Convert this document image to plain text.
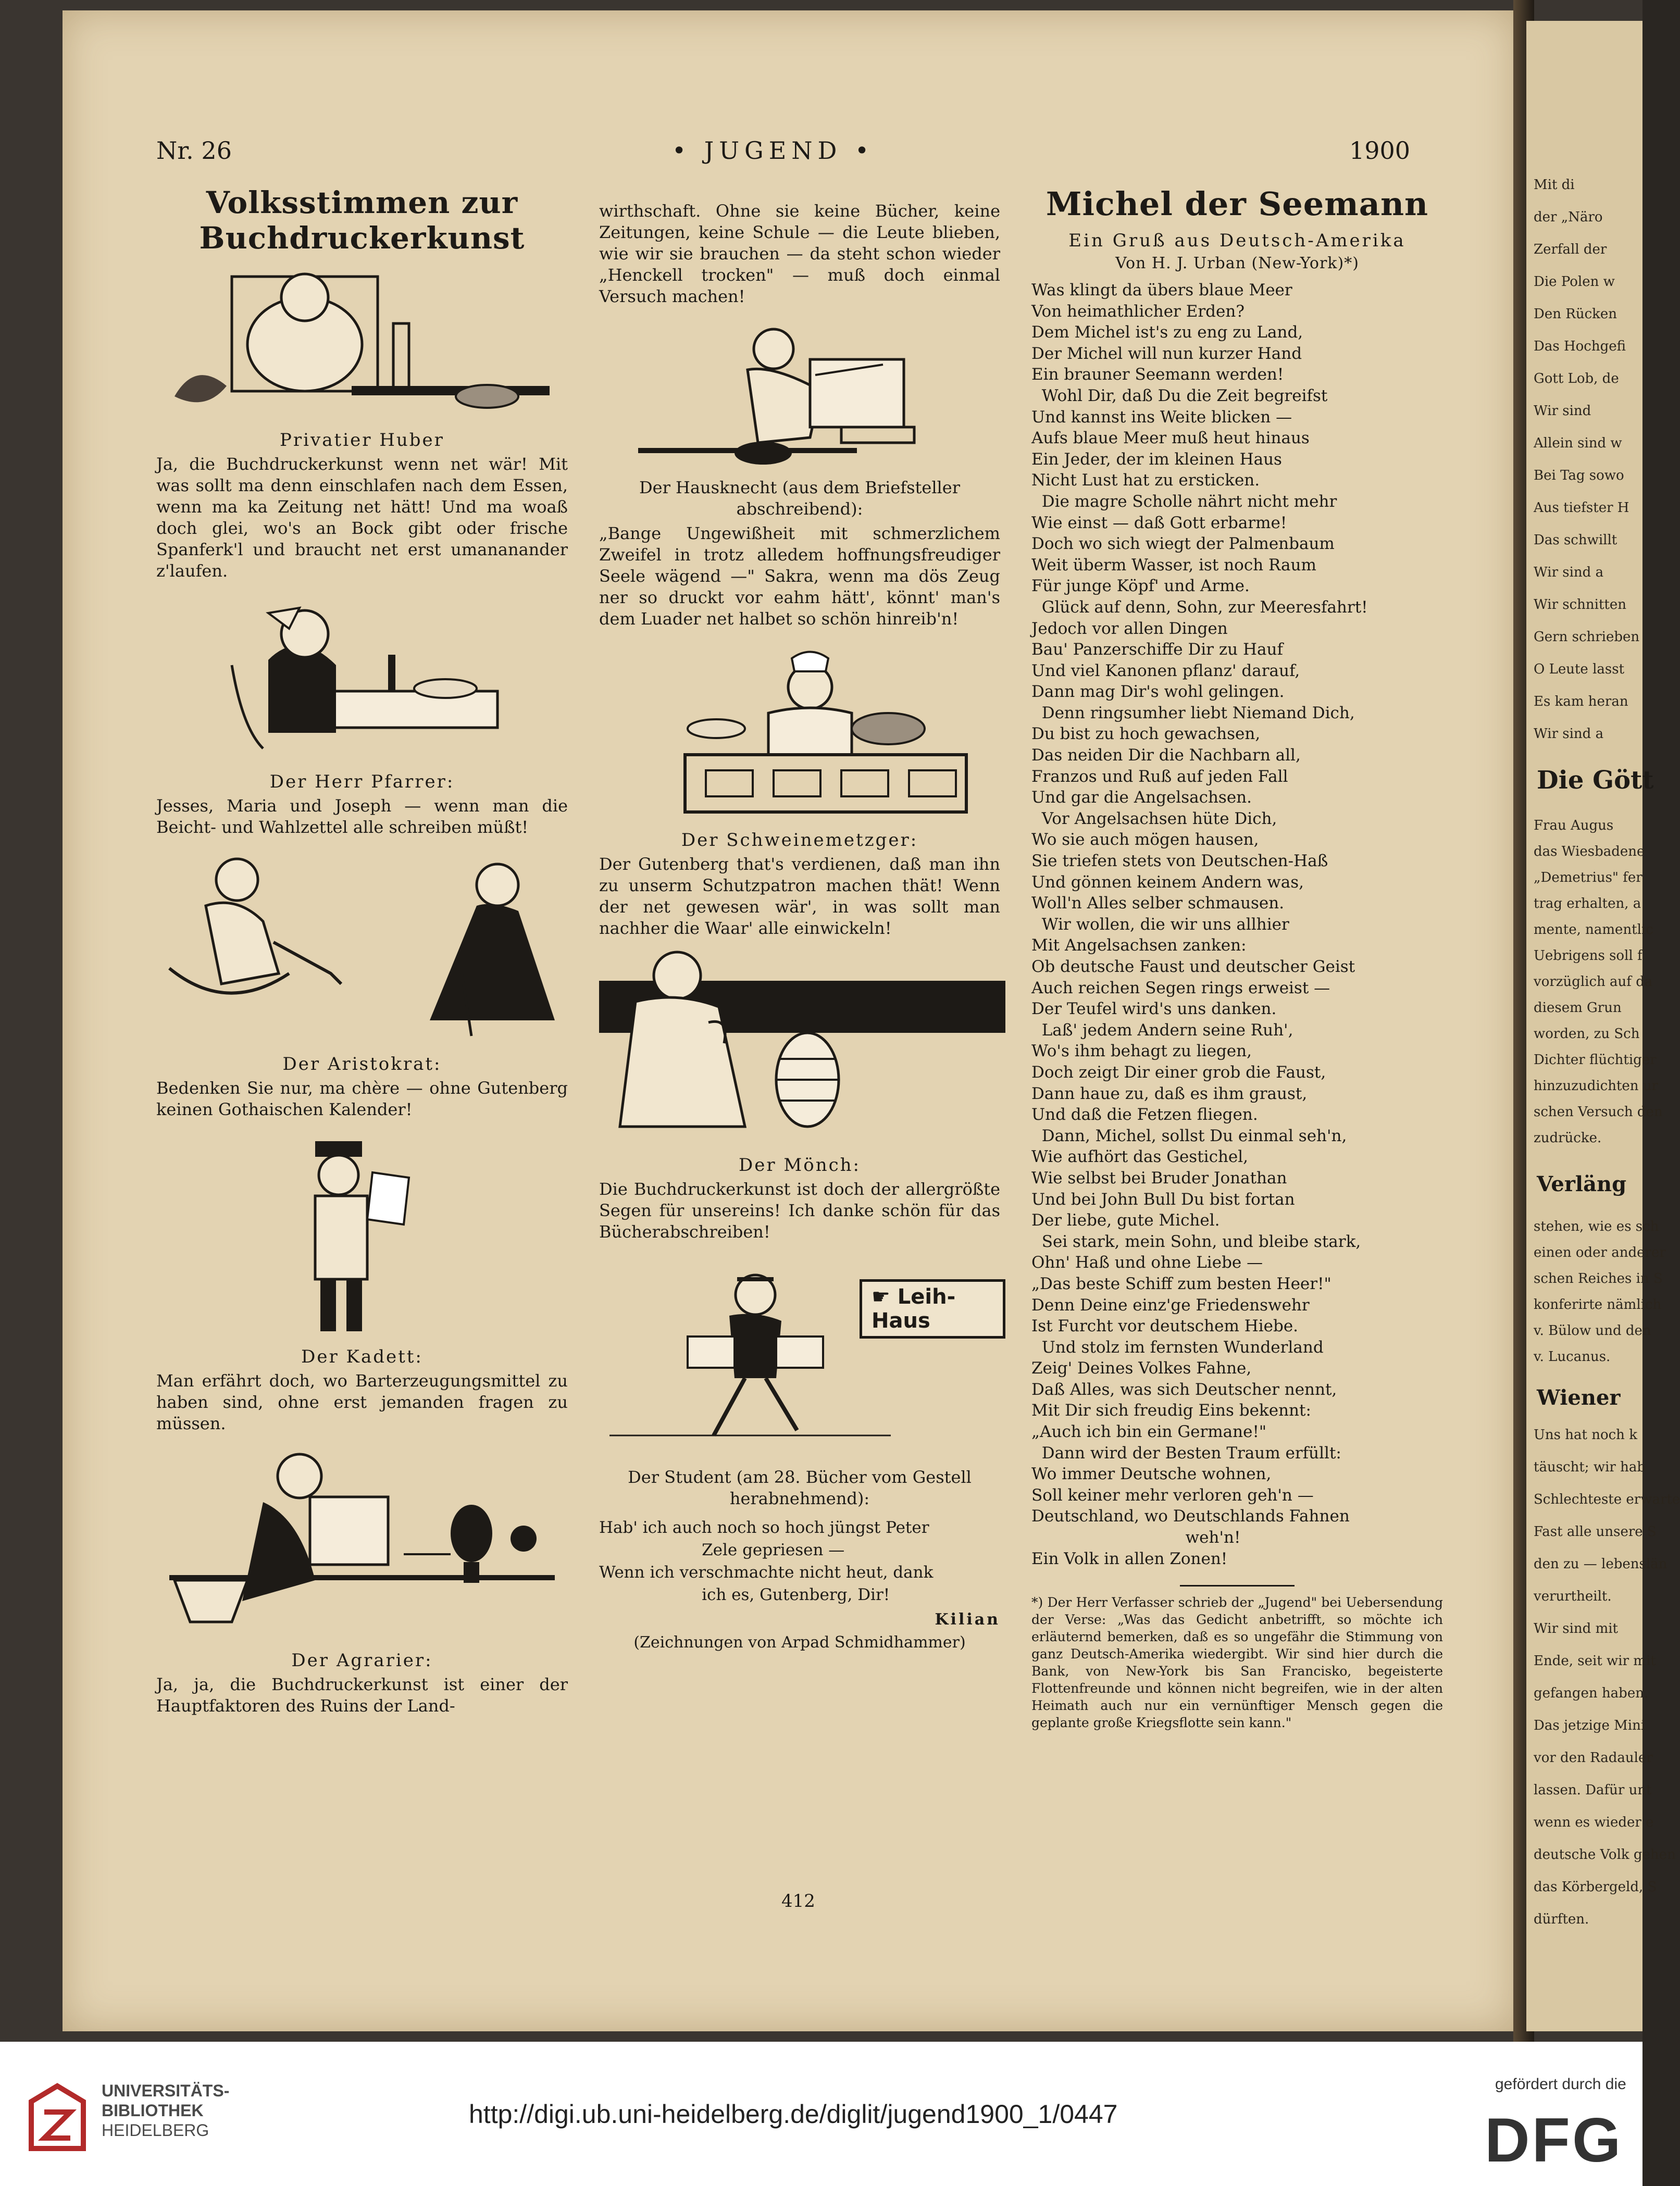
Mit di
der „Näro
Zerfall der
Die Polen w
Den Rücken
Das Hochgefi
Gott Lob, de
Wir sind
Allein sind w
Bei Tag sowo
Aus tiefster H
Das schwillt
Wir sind a
Wir schnitten
Gern schrieben
O Leute lasst
Es kam heran
Wir sind a
Die Gött
Frau Augus
das Wiesbadene
„Demetrius" fer
trag erhalten, a
mente, namentlic
Uebrigens soll f
vorzüglich auf da
diesem Grun
worden, zu Sch
Dichter flüchtiger
hinzuzudichten ur
schen Versuch den
zudrücke.
Verläng
stehen, wie es sch
einen oder anderer
schen Reiches in S
konferirte nämlich
v. Bülow und den
v. Lucanus.
Wiener
Uns hat noch k
täuscht; wir hab
Schlechteste erwarte
Fast alle unsere S
den zu — lebenslän
verurtheilt.
Wir sind mit
Ende, seit wir mit
gefangen haben.
Das jetzige Mini
vor den Radauler
lassen. Dafür unt
wenn es wieder e
deutsche Volk gehen
das Körbergeld, S
dürften.
Nr. 26	• JUGEND •	1900
Volksstimmen zur Buchdruckerkunst
Privatier Huber

Ja, die Buchdruckerkunst wenn net wär! Mit was sollt ma denn einschlafen nach dem Essen, wenn ma ka Zeitung net hätt! Und ma woaß doch glei, wo's an Bock gibt oder frische Spanferk'l und braucht net erst umananander z'laufen.

Der Herr Pfarrer:

Jesses, Maria und Joseph — wenn man die Beicht- und Wahlzettel alle schreiben müßt!

Der Aristokrat:

Bedenken Sie nur, ma chère — ohne Gutenberg keinen Gothaischen Kalender!

Der Kadett:

Man erfährt doch, wo Barterzeugungsmittel zu haben sind, ohne erst jemanden fragen zu müssen.

Der Agrarier:

Ja, ja, die Buchdruckerkunst ist einer der Hauptfaktoren des Ruins der Land-

wirthschaft. Ohne sie keine Bücher, keine Zeitungen, keine Schule — die Leute blieben, wie wir sie brauchen — da steht schon wieder „Henckell trocken" — muß doch einmal Versuch machen!

Der Hausknecht (aus dem Briefsteller abschreibend):

„Bange Ungewißheit mit schmerzlichem Zweifel in trotz alledem hoffnungsfreudiger Seele wägend —" Sakra, wenn ma dös Zeug ner so druckt vor eahm hätt', könnt' man's dem Luader net halbet so schön hinreib'n!

Der Schweinemetzger:

Der Gutenberg that's verdienen, daß man ihn zu unserm Schutzpatron machen thät! Wenn der net gewesen wär', in was sollt man nachher die Waar' alle einwickeln!

Der Mönch:

Die Buchdruckerkunst ist doch der allergrößte Segen für unsereins! Ich danke schön für das Bücherabschreiben!

☛ Leih-Haus

Der Student (am 28. Bücher vom Gestell herabnehmend):

Hab' ich auch noch so hoch jüngst Peter
Zele gepriesen —
Wenn ich verschmachte nicht heut, dank
ich es, Gutenberg, Dir!
Kilian

(Zeichnungen von Arpad Schmidhammer)

Michel der Seemann
Ein Gruß aus Deutsch-Amerika
Von H. J. Urban (New-York)*)
Was klingt da übers blaue Meer
Von heimathlicher Erden?
Dem Michel ist's zu eng zu Land,
Der Michel will nun kurzer Hand
Ein brauner Seemann werden!
Wohl Dir, daß Du die Zeit begreifst
Und kannst ins Weite blicken —
Aufs blaue Meer muß heut hinaus
Ein Jeder, der im kleinen Haus
Nicht Lust hat zu ersticken.
Die magre Scholle nährt nicht mehr
Wie einst — daß Gott erbarme!
Doch wo sich wiegt der Palmenbaum
Weit überm Wasser, ist noch Raum
Für junge Köpf' und Arme.
Glück auf denn, Sohn, zur Meeresfahrt!
Jedoch vor allen Dingen
Bau' Panzerschiffe Dir zu Hauf
Und viel Kanonen pflanz' darauf,
Dann mag Dir's wohl gelingen.
Denn ringsumher liebt Niemand Dich,
Du bist zu hoch gewachsen,
Das neiden Dir die Nachbarn all,
Franzos und Ruß auf jeden Fall
Und gar die Angelsachsen.
Vor Angelsachsen hüte Dich,
Wo sie auch mögen hausen,
Sie triefen stets von Deutschen-Haß
Und gönnen keinem Andern was,
Woll'n Alles selber schmausen.
Wir wollen, die wir uns allhier
Mit Angelsachsen zanken:
Ob deutsche Faust und deutscher Geist
Auch reichen Segen rings erweist —
Der Teufel wird's uns danken.
Laß' jedem Andern seine Ruh',
Wo's ihm behagt zu liegen,
Doch zeigt Dir einer grob die Faust,
Dann haue zu, daß es ihm graust,
Und daß die Fetzen fliegen.
Dann, Michel, sollst Du einmal seh'n,
Wie aufhört das Gestichel,
Wie selbst bei Bruder Jonathan
Und bei John Bull Du bist fortan
Der liebe, gute Michel.
Sei stark, mein Sohn, und bleibe stark,
Ohn' Haß und ohne Liebe —
„Das beste Schiff zum besten Heer!"
Denn Deine einz'ge Friedenswehr
Ist Furcht vor deutschem Hiebe.
Und stolz im fernsten Wunderland
Zeig' Deines Volkes Fahne,
Daß Alles, was sich Deutscher nennt,
Mit Dir sich freudig Eins bekennt:
„Auch ich bin ein Germane!"
Dann wird der Besten Traum erfüllt:
Wo immer Deutsche wohnen,
Soll keiner mehr verloren geh'n —
Deutschland, wo Deutschlands Fahnen
weh'n!
Ein Volk in allen Zonen!

*) Der Herr Verfasser schrieb der „Jugend" bei Uebersendung der Verse: „Was das Gedicht anbetrifft, so möchte ich erläuternd bemerken, daß es so ungefähr die Stimmung von ganz Deutsch-Amerika wiedergibt. Wir sind hier durch die Bank, von New-York bis San Francisko, begeisterte Flottenfreunde und können nicht begreifen, wie in der alten Heimath auch nur ein vernünftiger Mensch gegen die geplante große Kriegsflotte sein kann."

412
UNIVERSITÄTS-
BIBLIOTHEK
HEIDELBERG
http://digi.ub.uni-heidelberg.de/diglit/jugend1900_1/0447
gefördert durch die
DFG
